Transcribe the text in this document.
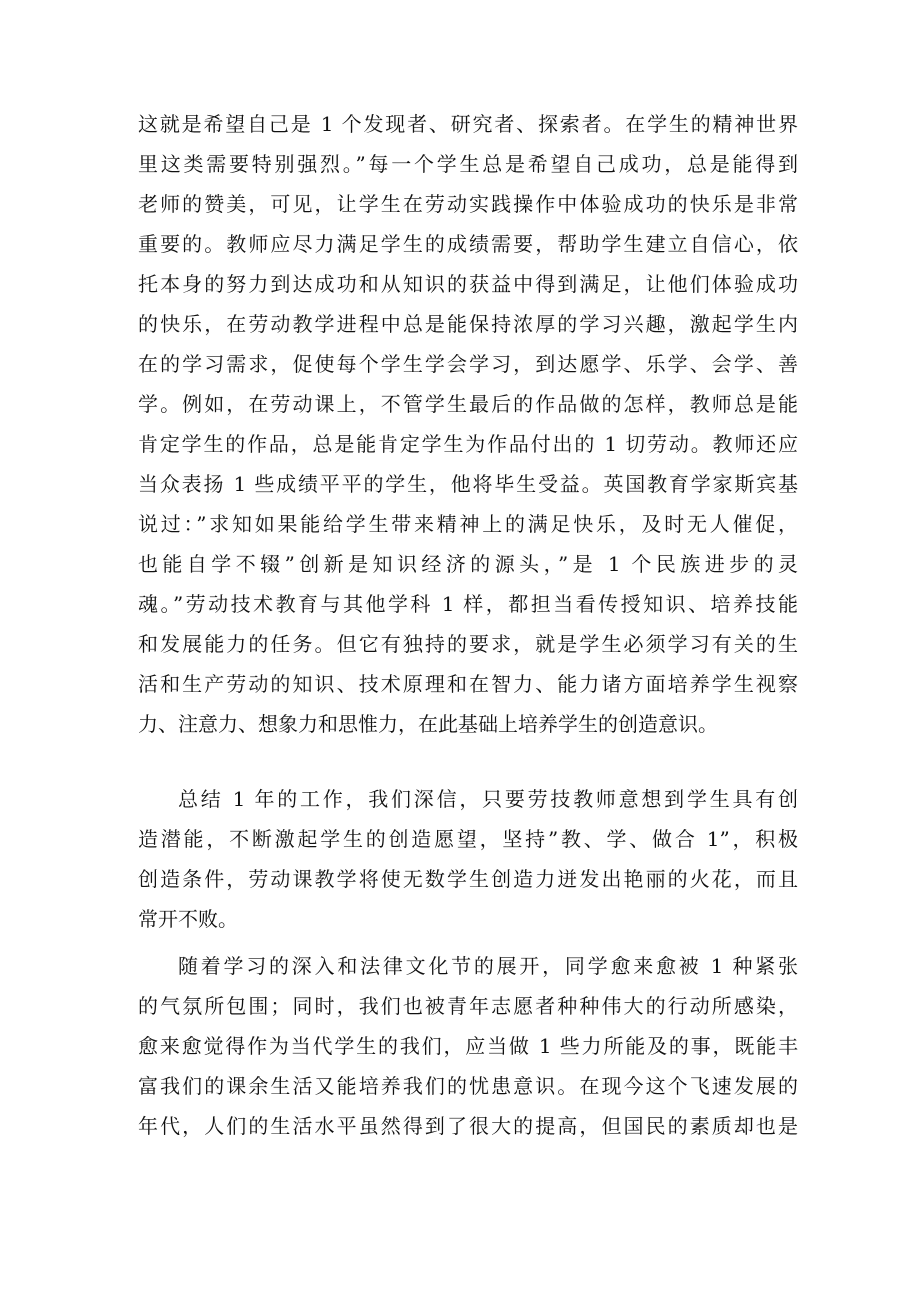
这就是希望自己是 1 个发现者、研究者、探索者。在学生的精神世界
里这类需要特别强烈。”每一个学生总是希望自己成功，总是能得到
老师的赞美，可见，让学生在劳动实践操作中体验成功的快乐是非常
重要的。教师应尽力满足学生的成绩需要，帮助学生建立自信心，依
托本身的努力到达成功和从知识的获益中得到满足，让他们体验成功
的快乐，在劳动教学进程中总是能保持浓厚的学习兴趣，激起学生内
在的学习需求，促使每个学生学会学习，到达愿学、乐学、会学、善
学。例如，在劳动课上，不管学生最后的作品做的怎样，教师总是能
肯定学生的作品，总是能肯定学生为作品付出的 1 切劳动。教师还应
当众表扬 1 些成绩平平的学生，他将毕生受益。英国教育学家斯宾基
说过：”求知如果能给学生带来精神上的满足快乐，及时无人催促，
也能自学不辍”创新是知识经济的源头，”是 1 个民族进步的灵
魂。”劳动技术教育与其他学科 1 样，都担当看传授知识、培养技能
和发展能力的任务。但它有独持的要求，就是学生必须学习有关的生
活和生产劳动的知识、技术原理和在智力、能力诸方面培养学生视察
力、注意力、想象力和思惟力，在此基础上培养学生的创造意识。
总结 1 年的工作，我们深信，只要劳技教师意想到学生具有创
造潜能，不断激起学生的创造愿望，坚持”教、学、做合 1”，积极
创造条件，劳动课教学将使无数学生创造力迸发出艳丽的火花，而且
常开不败。
随着学习的深入和法律文化节的展开，同学愈来愈被 1 种紧张
的气氛所包围；同时，我们也被青年志愿者种种伟大的行动所感染，
愈来愈觉得作为当代学生的我们，应当做 1 些力所能及的事，既能丰
富我们的课余生活又能培养我们的忧患意识。在现今这个飞速发展的
年代，人们的生活水平虽然得到了很大的提高，但国民的素质却也是
